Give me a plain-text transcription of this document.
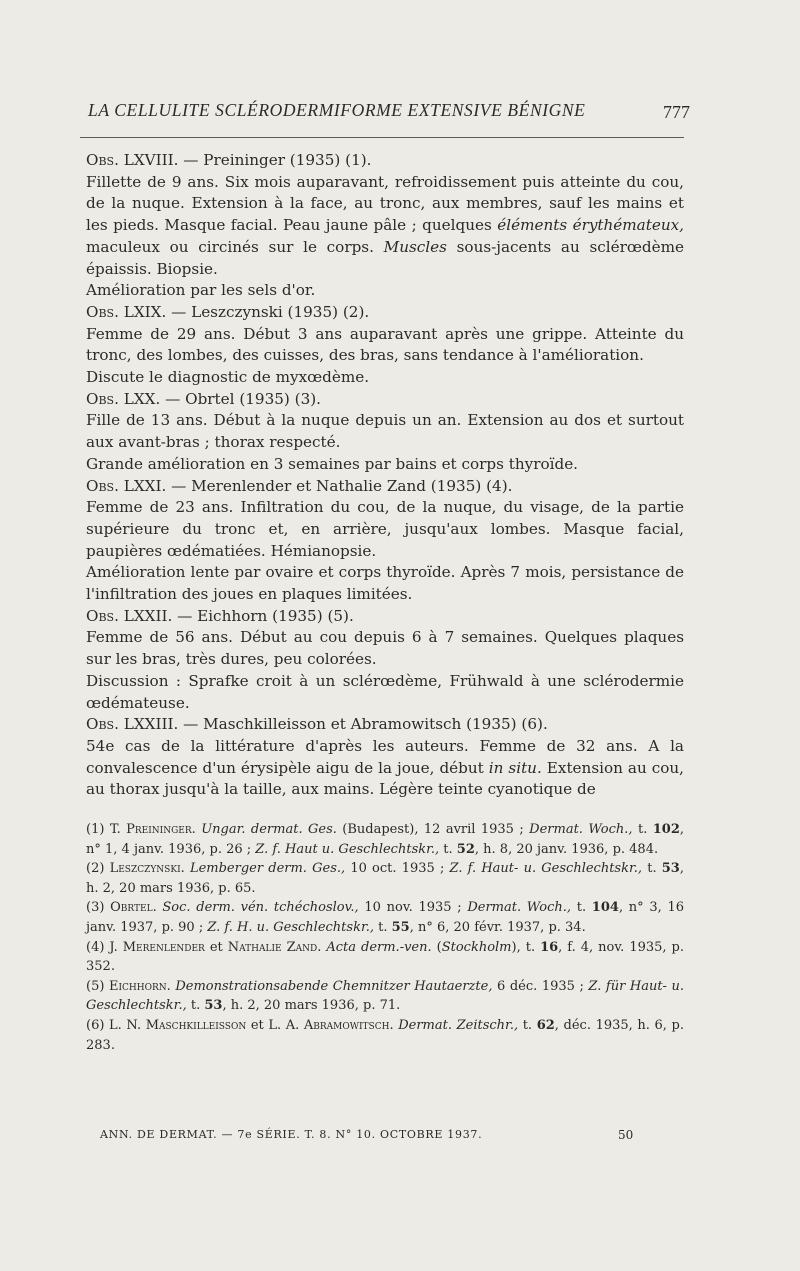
LA CELLULITE SCLÉRODERMIFORME EXTENSIVE BÉNIGNE	777

Obs. LXVIII. — Preininger (1935) (1).

Fillette de 9 ans. Six mois auparavant, refroidissement puis atteinte du cou, de la nuque. Extension à la face, au tronc, aux membres, sauf les mains et les pieds. Masque facial. Peau jaune pâle ; quelques éléments érythémateux, maculeux ou circinés sur le corps. Muscles sous-jacents au sclérœdème épaissis. Biopsie.

Amélioration par les sels d'or.

Obs. LXIX. — Leszczynski (1935) (2).

Femme de 29 ans. Début 3 ans auparavant après une grippe. Atteinte du tronc, des lombes, des cuisses, des bras, sans tendance à l'amélioration.

Discute le diagnostic de myxœdème.

Obs. LXX. — Obrtel (1935) (3).

Fille de 13 ans. Début à la nuque depuis un an. Extension au dos et surtout aux avant-bras ; thorax respecté.

Grande amélioration en 3 semaines par bains et corps thyroïde.

Obs. LXXI. — Merenlender et Nathalie Zand (1935) (4).

Femme de 23 ans. Infiltration du cou, de la nuque, du visage, de la partie supérieure du tronc et, en arrière, jusqu'aux lombes. Masque facial, paupières œdématiées. Hémianopsie.

Amélioration lente par ovaire et corps thyroïde. Après 7 mois, persistance de l'infiltration des joues en plaques limitées.

Obs. LXXII. — Eichhorn (1935) (5).

Femme de 56 ans. Début au cou depuis 6 à 7 semaines. Quelques plaques sur les bras, très dures, peu colorées.

Discussion : Sprafke croit à un sclérœdème, Frühwald à une sclérodermie œdémateuse.

Obs. LXXIII. — Maschkilleisson et Abramowitsch (1935) (6).

54e cas de la littérature d'après les auteurs. Femme de 32 ans. A la convalescence d'un érysipèle aigu de la joue, début in situ. Extension au cou, au thorax jusqu'à la taille, aux mains. Légère teinte cyanotique de

(1) T. Preininger. Ungar. dermat. Ges. (Budapest), 12 avril 1935 ; Dermat. Woch., t. 102, n° 1, 4 janv. 1936, p. 26 ; Z. f. Haut u. Geschlechtskr., t. 52, h. 8, 20 janv. 1936, p. 484.

(2) Leszczynski. Lemberger derm. Ges., 10 oct. 1935 ; Z. f. Haut- u. Geschlechtskr., t. 53, h. 2, 20 mars 1936, p. 65.

(3) Obrtel. Soc. derm. vén. tchéchoslov., 10 nov. 1935 ; Dermat. Woch., t. 104, n° 3, 16 janv. 1937, p. 90 ; Z. f. H. u. Geschlechtskr., t. 55, n° 6, 20 févr. 1937, p. 34.

(4) J. Merenlender et Nathalie Zand. Acta derm.-ven. (Stockholm), t. 16, f. 4, nov. 1935, p. 352.

(5) Eichhorn. Demonstrationsabende Chemnitzer Hautaerzte, 6 déc. 1935 ; Z. für Haut- u. Geschlechtskr., t. 53, h. 2, 20 mars 1936, p. 71.

(6) L. N. Maschkilleisson et L. A. Abramowitsch. Dermat. Zeitschr., t. 62, déc. 1935, h. 6, p. 283.

ANN. DE DERMAT. — 7e SÉRIE. T. 8. N° 10. OCTOBRE 1937.	50
